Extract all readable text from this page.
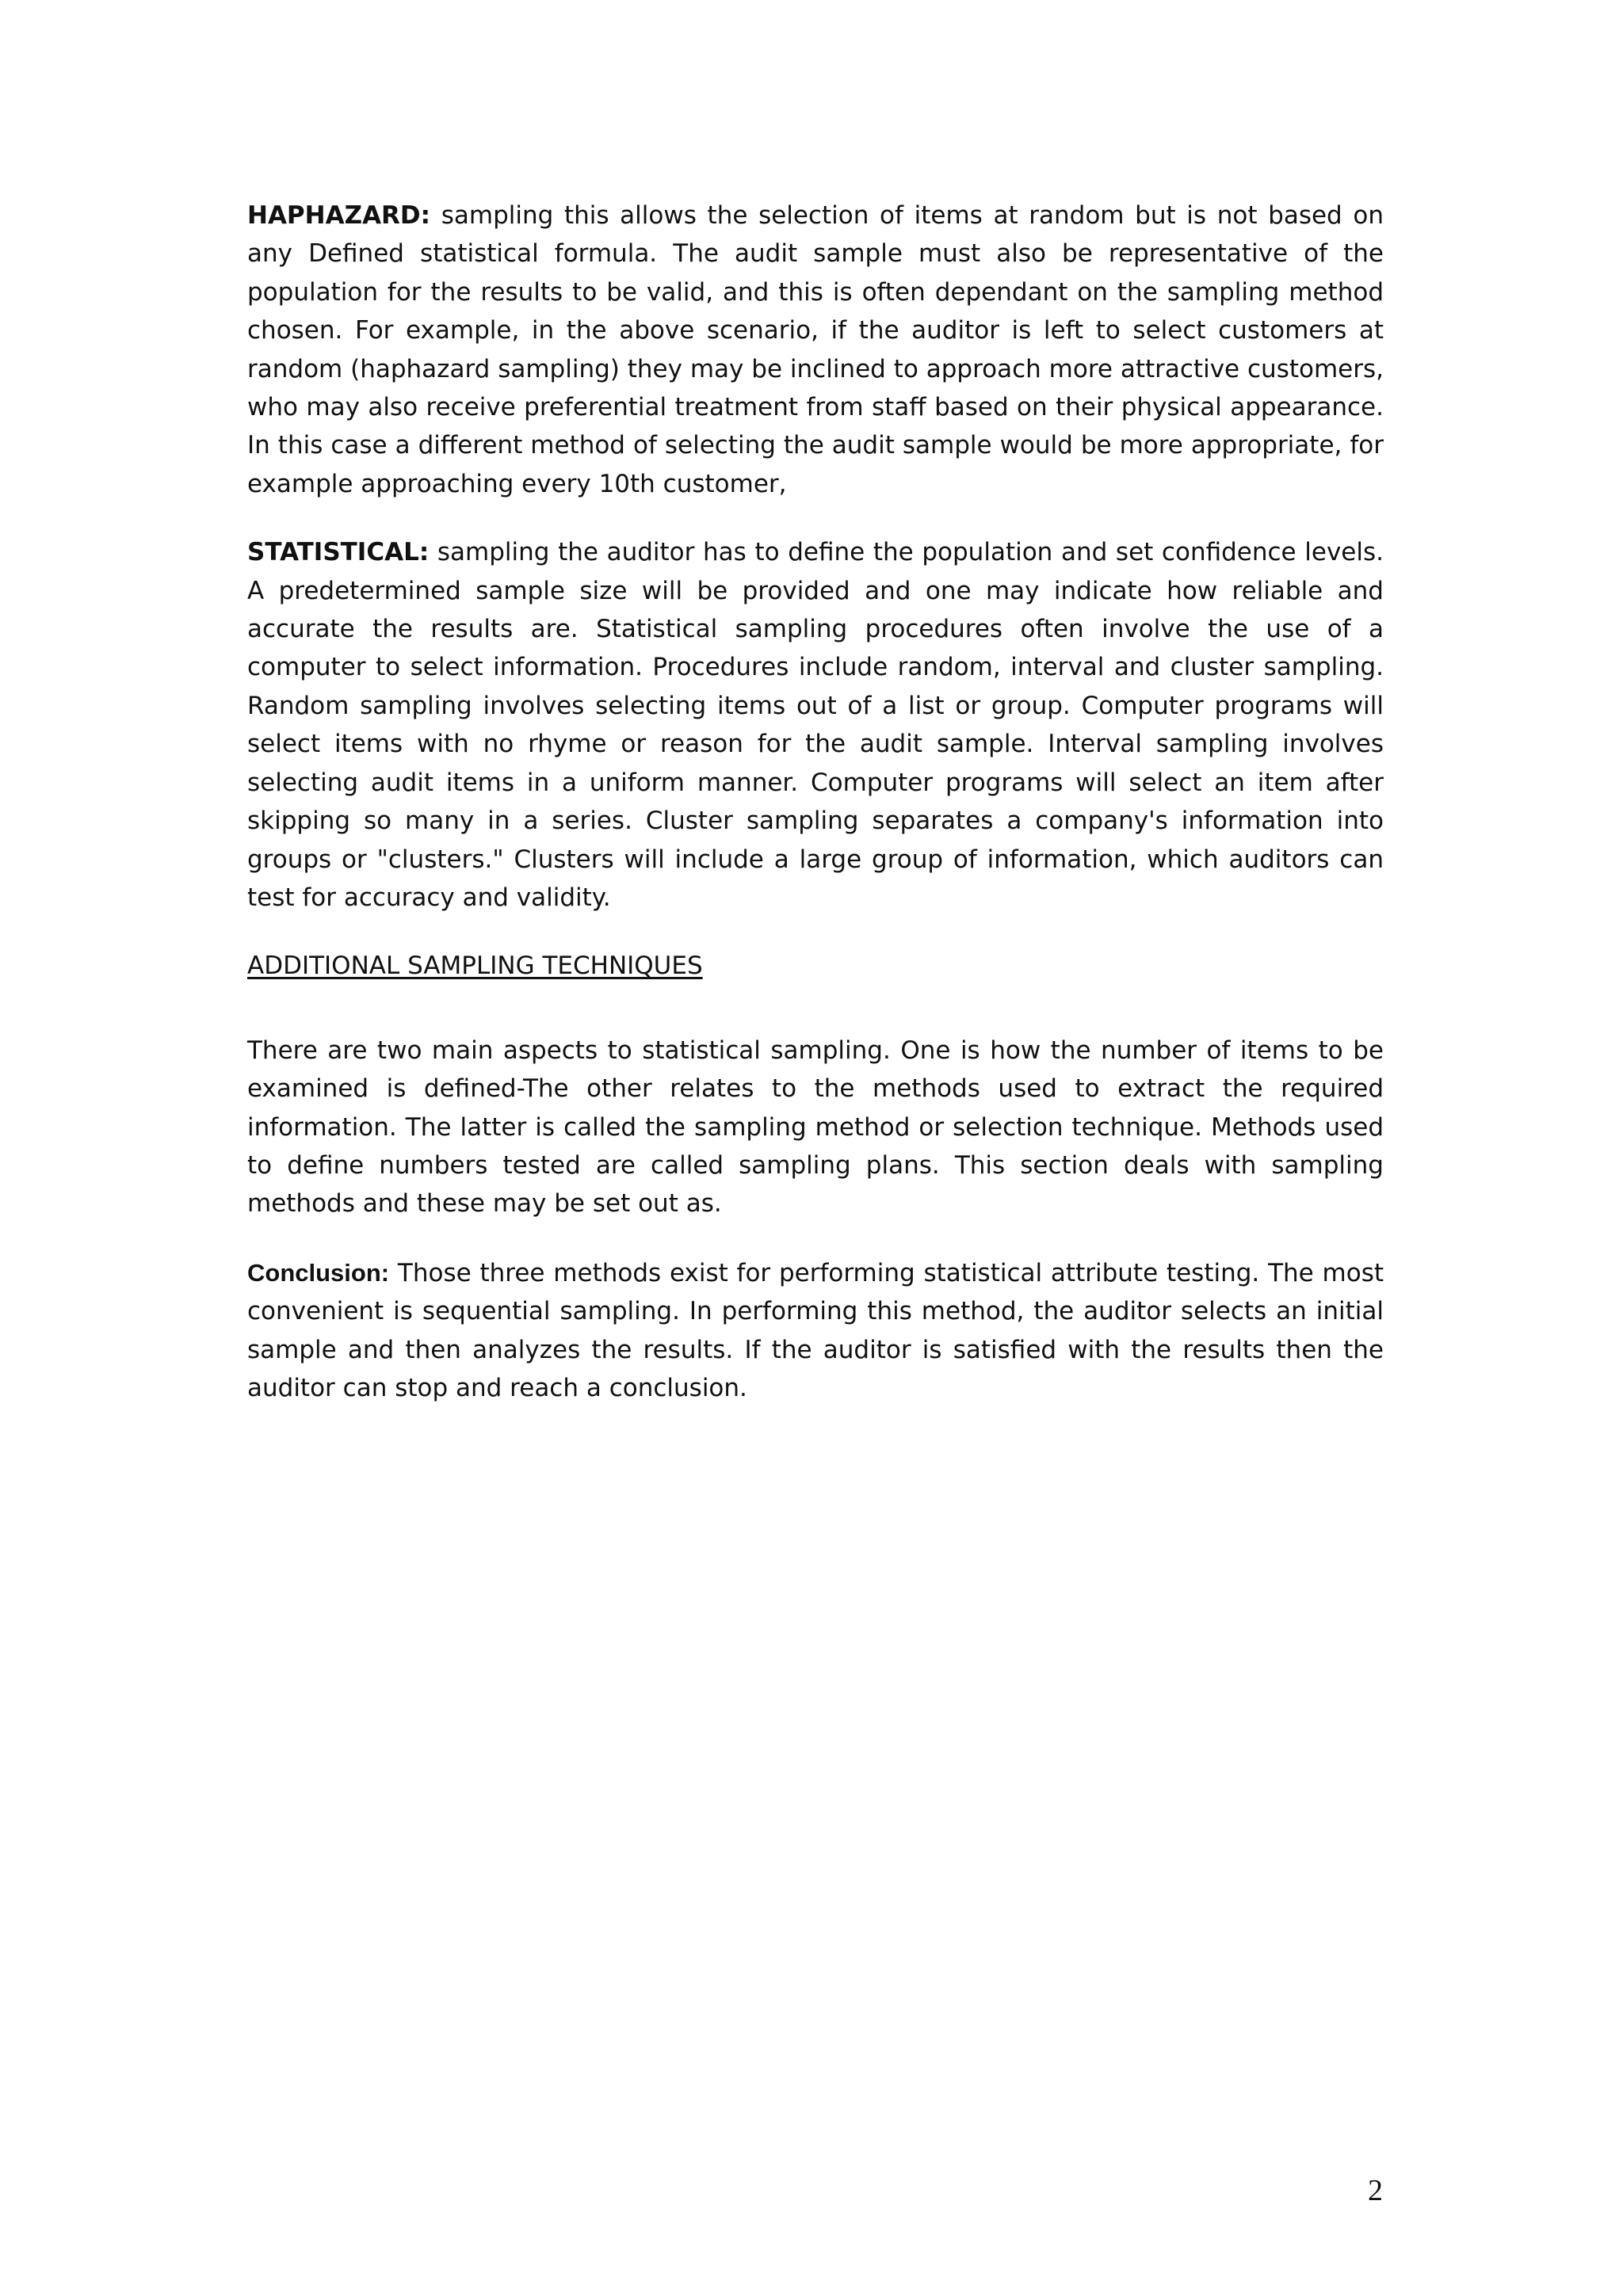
HAPHAZARD: sampling this allows the selection of items at random but is not based on any Defined statistical formula. The audit sample must also be representative of the population for the results to be valid, and this is often dependant on the sampling method chosen. For example, in the above scenario, if the auditor is left to select customers at random (haphazard sampling) they may be inclined to approach more attractive customers, who may also receive preferential treatment from staff based on their physical appearance. In this case a different method of selecting the audit sample would be more appropriate, for example approaching every 10th customer,

STATISTICAL: sampling the auditor has to define the population and set confidence levels. A predetermined sample size will be provided and one may indicate how reliable and accurate the results are. Statistical sampling procedures often involve the use of a computer to select information. Procedures include random, interval and cluster sampling. Random sampling involves selecting items out of a list or group. Computer programs will select items with no rhyme or reason for the audit sample. Interval sampling involves selecting audit items in a uniform manner. Computer programs will select an item after skipping so many in a series. Cluster sampling separates a company's information into groups or "clusters." Clusters will include a large group of information, which auditors can test for accuracy and validity.

ADDITIONAL SAMPLING TECHNIQUES

There are two main aspects to statistical sampling. One is how the number of items to be examined is defined-The other relates to the methods used to extract the required information. The latter is called the sampling method or selection technique. Methods used to define numbers tested are called sampling plans. This section deals with sampling methods and these may be set out as.

Conclusion: Those three methods exist for performing statistical attribute testing. The most convenient is sequential sampling. In performing this method, the auditor selects an initial sample and then analyzes the results. If the auditor is satisfied with the results then the auditor can stop and reach a conclusion.

2
